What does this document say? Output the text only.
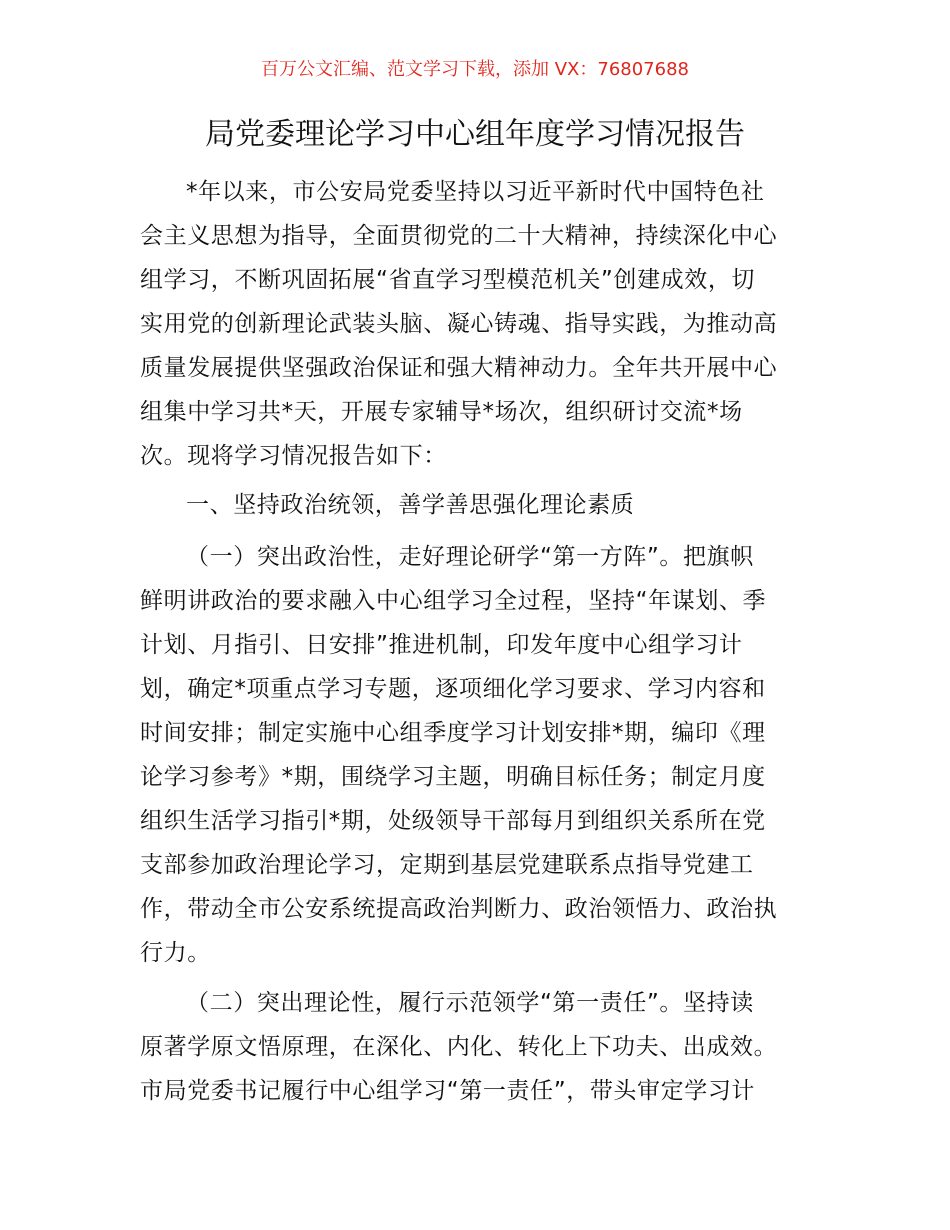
百万公文汇编、范文学习下载，添加 VX：76807688
局党委理论学习中心组年度学习情况报告
*年以来，市公安局党委坚持以习近平新时代中国特色社
会主义思想为指导，全面贯彻党的二十大精神，持续深化中心
组学习，不断巩固拓展“省直学习型模范机关”创建成效，切
实用党的创新理论武装头脑、凝心铸魂、指导实践，为推动高
质量发展提供坚强政治保证和强大精神动力。全年共开展中心
组集中学习共*天，开展专家辅导*场次，组织研讨交流*场
次。现将学习情况报告如下：
一、坚持政治统领，善学善思强化理论素质
（一）突出政治性，走好理论研学“第一方阵”。把旗帜
鲜明讲政治的要求融入中心组学习全过程，坚持“年谋划、季
计划、月指引、日安排”推进机制，印发年度中心组学习计
划，确定*项重点学习专题，逐项细化学习要求、学习内容和
时间安排；制定实施中心组季度学习计划安排*期，编印《理
论学习参考》*期，围绕学习主题，明确目标任务；制定月度
组织生活学习指引*期，处级领导干部每月到组织关系所在党
支部参加政治理论学习，定期到基层党建联系点指导党建工
作，带动全市公安系统提高政治判断力、政治领悟力、政治执
行力。
（二）突出理论性，履行示范领学“第一责任”。坚持读
原著学原文悟原理，在深化、内化、转化上下功夫、出成效。
市局党委书记履行中心组学习“第一责任”，带头审定学习计
